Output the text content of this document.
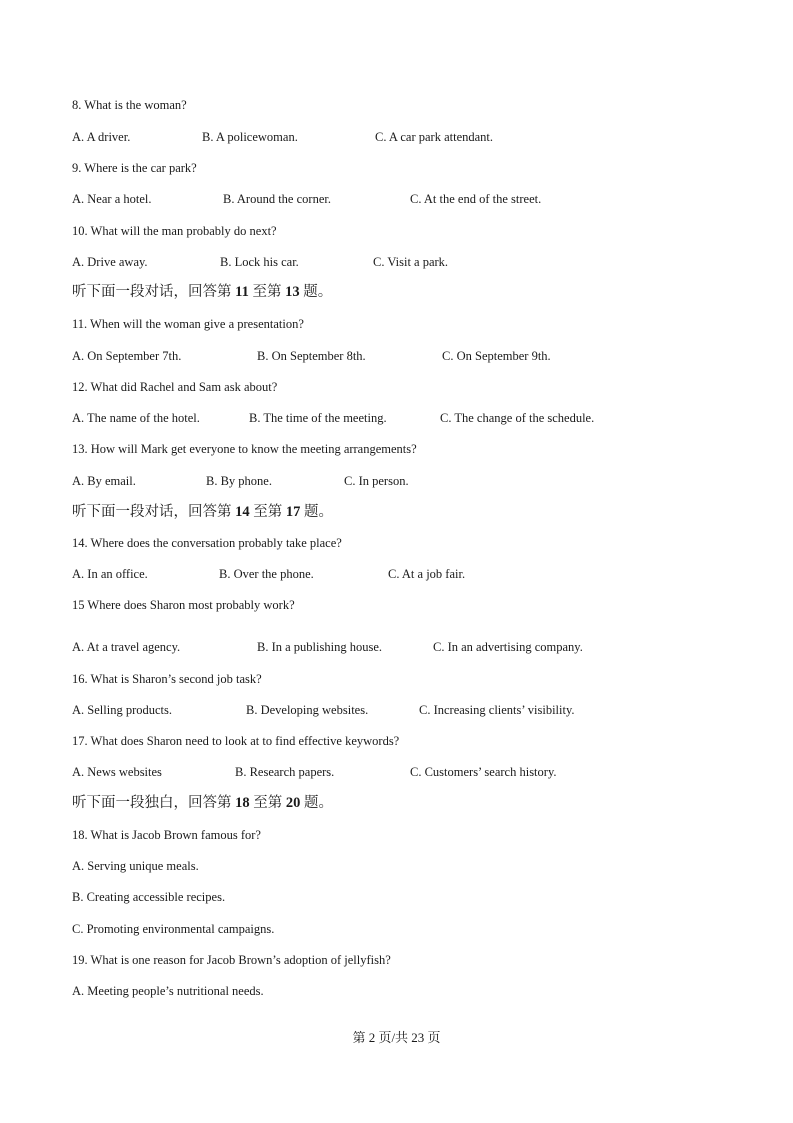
8. What is the woman?
A. A driver.	B. A policewoman.	C. A car park attendant.
9. Where is the car park?
A. Near a hotel.	B. Around the corner.	C. At the end of the street.
10. What will the man probably do next?
A. Drive away.	B. Lock his car.	C. Visit a park.
听下面一段对话，回答第 11 至第 13 题。
11. When will the woman give a presentation?
A. On September 7th.	B. On September 8th.	C. On September 9th.
12. What did Rachel and Sam ask about?
A. The name of the hotel.	B. The time of the meeting.	C. The change of the schedule.
13. How will Mark get everyone to know the meeting arrangements?
A. By email.	B. By phone.	C. In person.
听下面一段对话，回答第 14 至第 17 题。
14. Where does the conversation probably take place?
A. In an office.	B. Over the phone.	C. At a job fair.
15 Where does Sharon most probably work?
A. At a travel agency.	B. In a publishing house.	C. In an advertising company.
16. What is Sharon’s second job task?
A. Selling products.	B. Developing websites.	C. Increasing clients’ visibility.
17. What does Sharon need to look at to find effective keywords?
A. News websites	B. Research papers.	C. Customers’ search history.
听下面一段独白，回答第 18 至第 20 题。
18. What is Jacob Brown famous for?
A. Serving unique meals.
B. Creating accessible recipes.
C. Promoting environmental campaigns.
19. What is one reason for Jacob Brown’s adoption of jellyfish?
A. Meeting people’s nutritional needs.
第 2 页/共 23 页
